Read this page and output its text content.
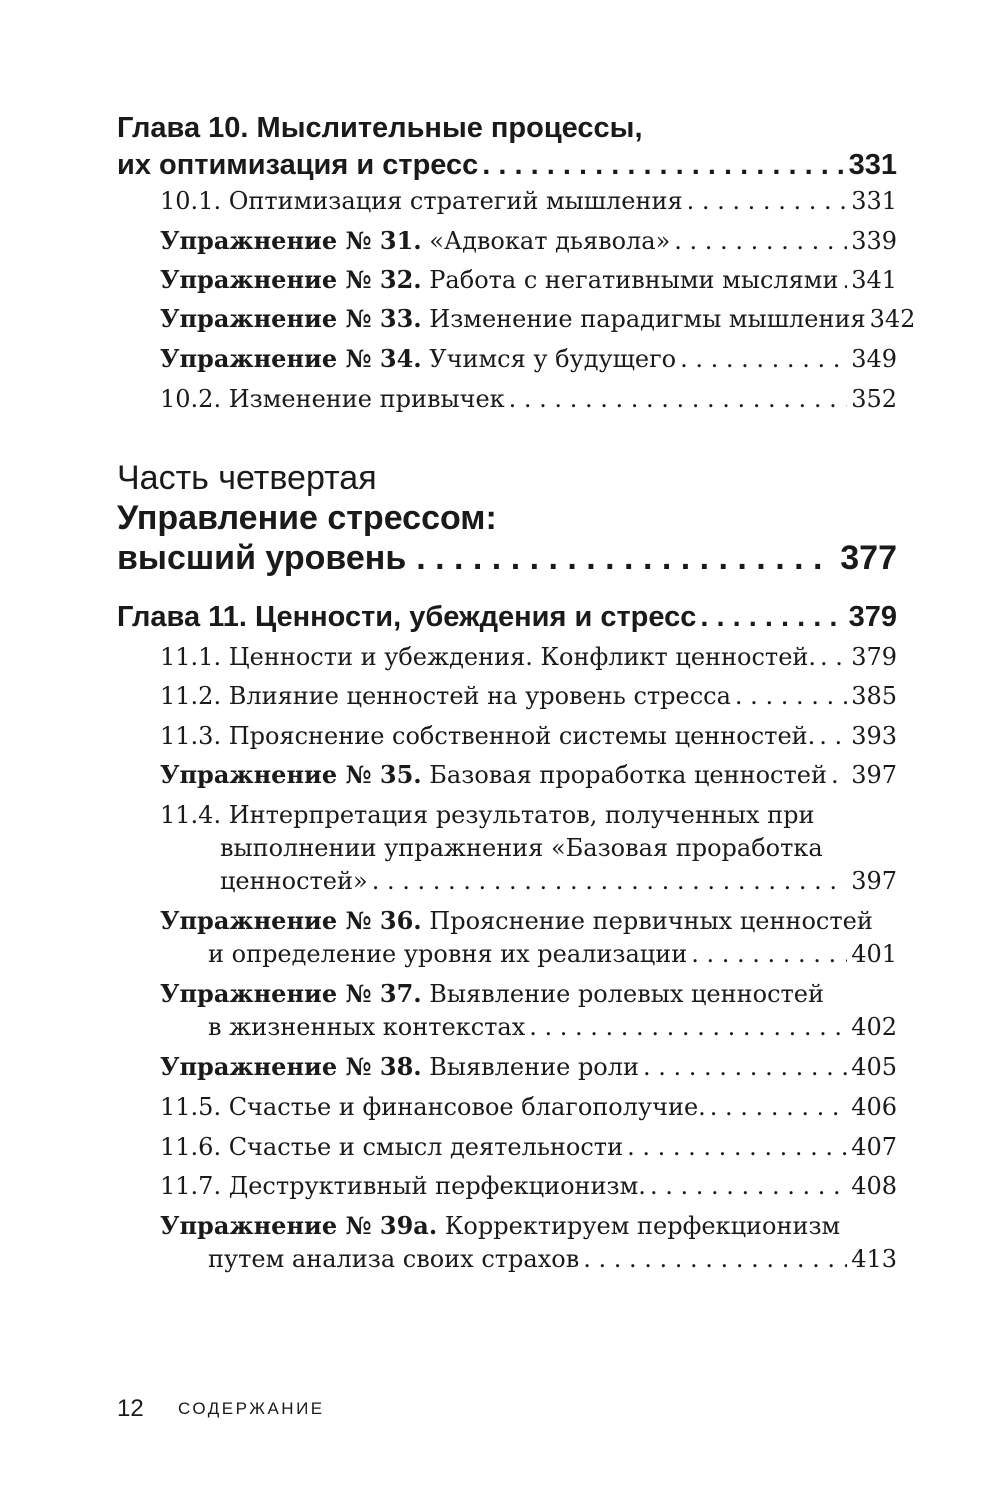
Глава 10. Мыслительные процессы,
их оптимизация и стресс . . .	331
10.1. Оптимизация стратегий мышления . . .	331
Упражнение № 31. «Адвокат дьявола» . . .	339
Упражнение № 32. Работа с негативными мыслями . . . 341
Упражнение № 33. Изменение парадигмы мышления 342
Упражнение № 34. Учимся у будущего . . .	349
10.2. Изменение привычек . . .	352
Часть четвертая
Управление стрессом:
высший уровень . . .	377
Глава 11. Ценности, убеждения и стресс . . .	379
11.1. Ценности и убеждения. Конфликт ценностей. . . . 379
11.2. Влияние ценностей на уровень стресса . . .	385
11.3. Прояснение собственной системы ценностей. . . . 393
Упражнение № 35. Базовая проработка ценностей . . . 397
11.4. Интерпретация результатов, полученных при
выполнении упражнения «Базовая проработка
ценностей» . . .	397
Упражнение № 36. Прояснение первичных ценностей
и определение уровня их реализации . . .	401
Упражнение № 37. Выявление ролевых ценностей
в жизненных контекстах . . .	402
Упражнение № 38. Выявление роли . . .	405
11.5. Счастье и финансовое благополучие. . . .	406
11.6. Счастье и смысл деятельности . . .	407
11.7. Деструктивный перфекционизм. . . .	408
Упражнение № 39а. Корректируем перфекционизм
путем анализа своих страхов . . .	413
12 СОДЕРЖАНИЕ
